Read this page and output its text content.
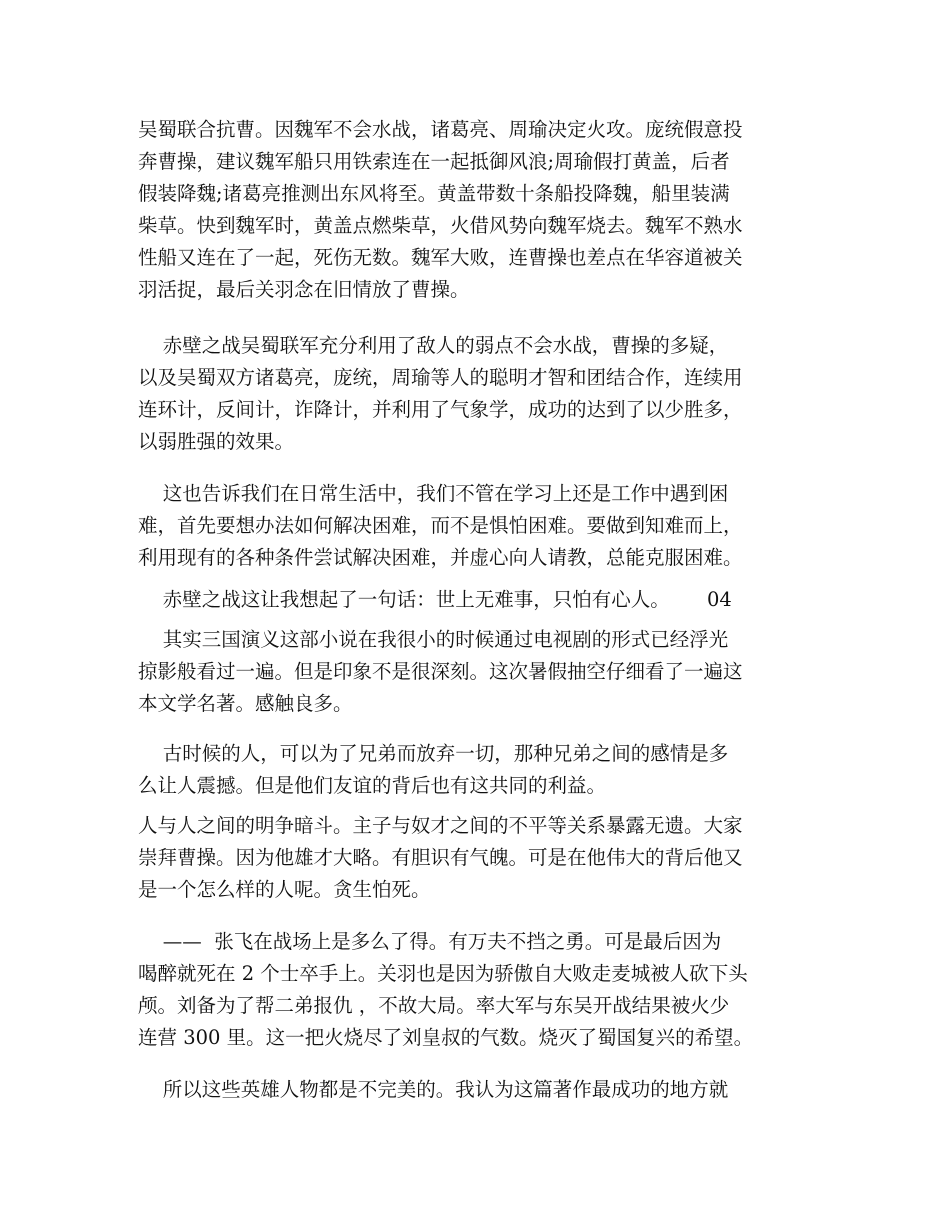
吴蜀联合抗曹。因魏军不会水战，诸葛亮、周瑜决定火攻。庞统假意投
奔曹操，建议魏军船只用铁索连在一起抵御风浪;周瑜假打黄盖，后者
假装降魏;诸葛亮推测出东风将至。黄盖带数十条船投降魏，船里装满
柴草。快到魏军时，黄盖点燃柴草，火借风势向魏军烧去。魏军不熟水
性船又连在了一起，死伤无数。魏军大败，连曹操也差点在华容道被关
羽活捉，最后关羽念在旧情放了曹操。
赤壁之战吴蜀联军充分利用了敌人的弱点不会水战，曹操的多疑，
以及吴蜀双方诸葛亮，庞统，周瑜等人的聪明才智和团结合作，连续用
连环计，反间计，诈降计，并利用了气象学，成功的达到了以少胜多，
以弱胜强的效果。
这也告诉我们在日常生活中，我们不管在学习上还是工作中遇到困
难，首先要想办法如何解决困难，而不是惧怕困难。要做到知难而上，
利用现有的各种条件尝试解决困难，并虚心向人请教，总能克服困难。
赤壁之战这让我想起了一句话：世上无难事，只怕有心人。      04
其实三国演义这部小说在我很小的时候通过电视剧的形式已经浮光
掠影般看过一遍。但是印象不是很深刻。这次暑假抽空仔细看了一遍这
本文学名著。感触良多。
古时候的人，可以为了兄弟而放弃一切，那种兄弟之间的感情是多
么让人震撼。但是他们友谊的背后也有这共同的利益。
人与人之间的明争暗斗。主子与奴才之间的不平等关系暴露无遗。大家
崇拜曹操。因为他雄才大略。有胆识有气魄。可是在他伟大的背后他又
是一个怎么样的人呢。贪生怕死。
——  张飞在战场上是多么了得。有万夫不挡之勇。可是最后因为
喝醉就死在 2 个士卒手上。关羽也是因为骄傲自大败走麦城被人砍下头
颅。刘备为了帮二弟报仇 ，不故大局。率大军与东吴开战结果被火少
连营 300 里。这一把火烧尽了刘皇叔的气数。烧灭了蜀国复兴的希望。
所以这些英雄人物都是不完美的。我认为这篇著作最成功的地方就
